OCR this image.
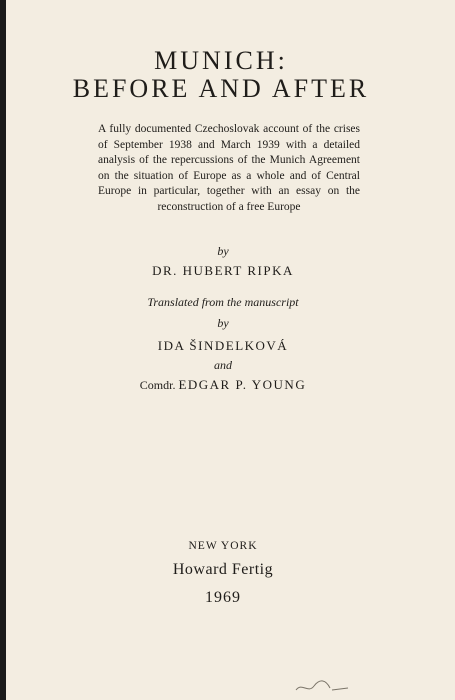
MUNICH:
BEFORE AND AFTER

A fully documented Czechoslovak account of the crises of September 1938 and March 1939 with a detailed analysis of the repercussions of the Munich Agreement on the situation of Europe as a whole and of Central Europe in particular, together with an essay on the reconstruction of a free Europe

by

DR. HUBERT RIPKA

Translated from the manuscript

by

IDA ŠINDELKOVÁ

and

Comdr. EDGAR P. YOUNG

NEW YORK

Howard Fertig

1969
